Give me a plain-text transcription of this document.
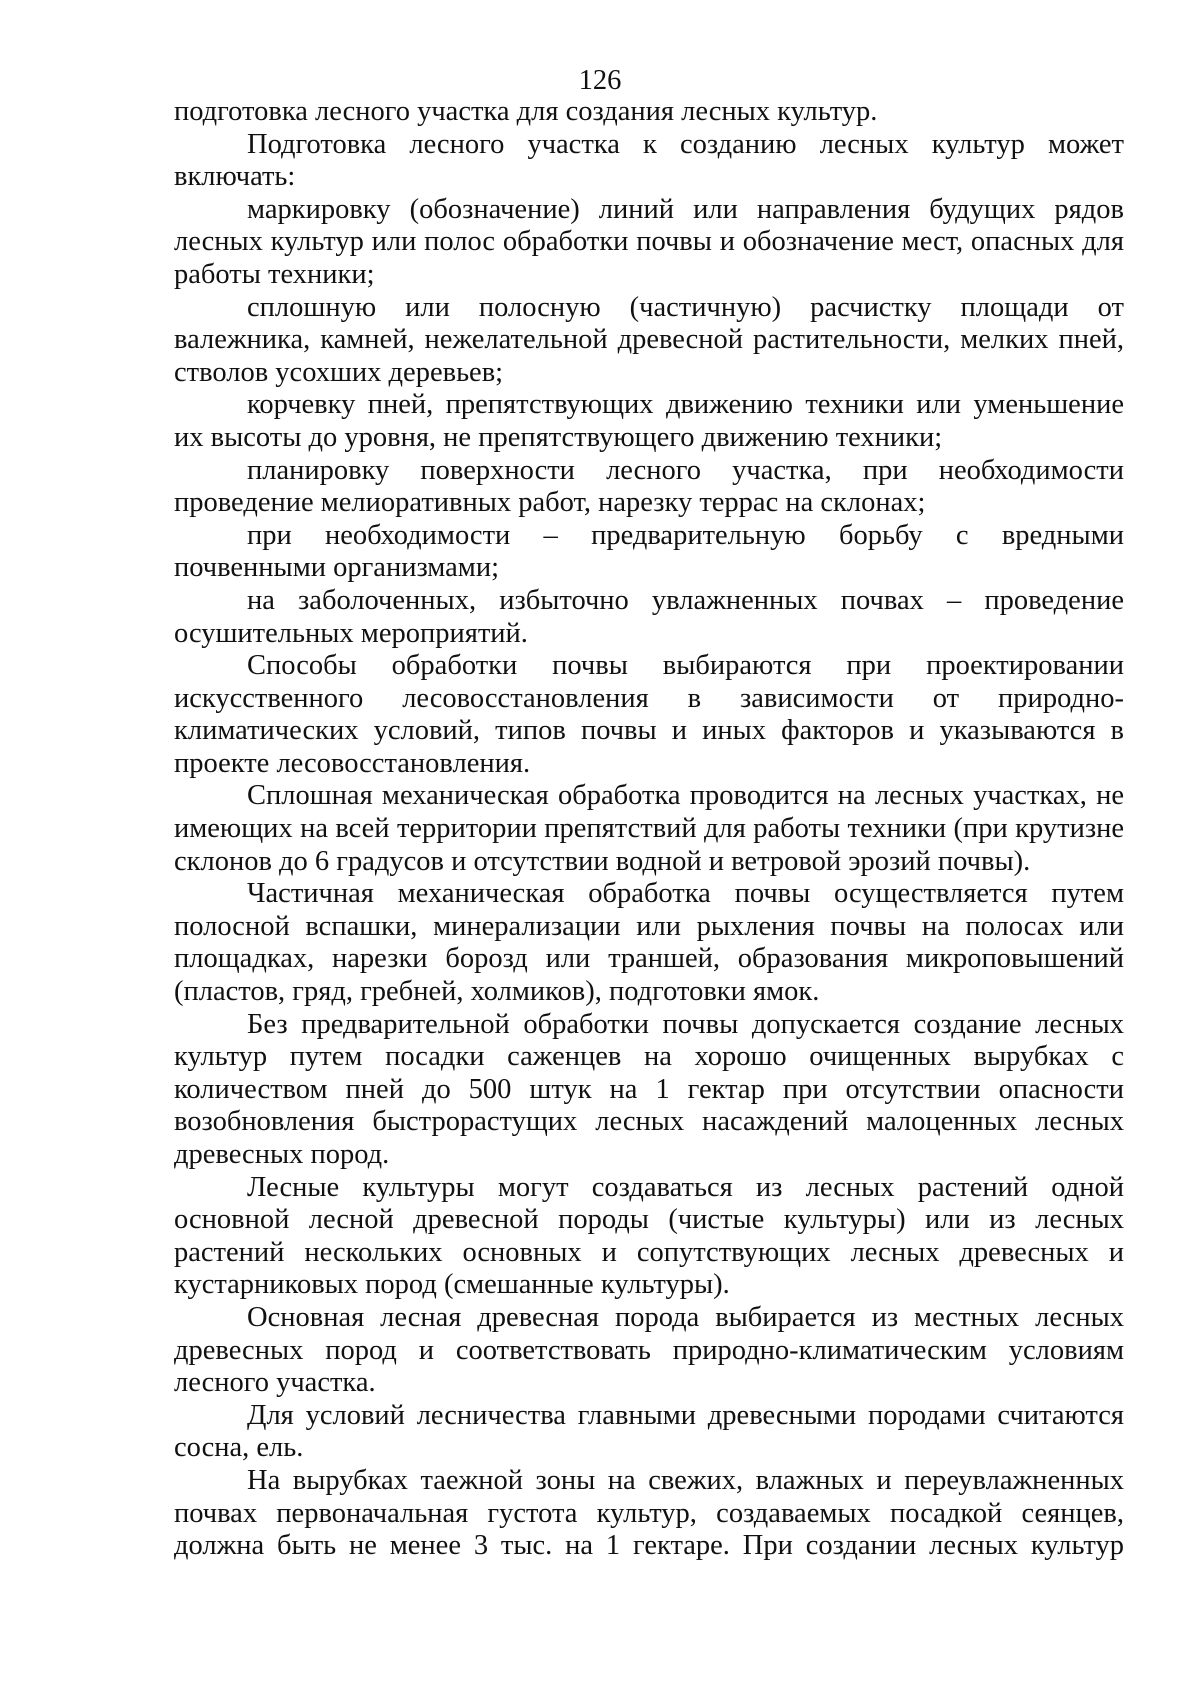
126

подготовка лесного участка для создания лесных культур.

Подготовка лесного участка к созданию лесных культур может включать:

маркировку (обозначение) линий или направления будущих рядов лесных культур или полос обработки почвы и обозначение мест, опасных для работы техники;

сплошную или полосную (частичную) расчистку площади от валежника, камней, нежелательной древесной растительности, мелких пней, стволов усохших деревьев;

корчевку пней, препятствующих движению техники или уменьшение их высоты до уровня, не препятствующего движению техники;

планировку поверхности лесного участка, при необходимости проведение мелиоративных работ, нарезку террас на склонах;

при необходимости – предварительную борьбу с вредными почвенными организмами;

на заболоченных, избыточно увлажненных почвах – проведение осушительных мероприятий.

Способы обработки почвы выбираются при проектировании искусственного лесовосстановления в зависимости от природно-климатических условий, типов почвы и иных факторов и указываются в проекте лесовосстановления.

Сплошная механическая обработка проводится на лесных участках, не имеющих на всей территории препятствий для работы техники (при крутизне склонов до 6 градусов и отсутствии водной и ветровой эрозий почвы).

Частичная механическая обработка почвы осуществляется путем полосной вспашки, минерализации или рыхления почвы на полосах или площадках, нарезки борозд или траншей, образования микроповышений (пластов, гряд, гребней, холмиков), подготовки ямок.

Без предварительной обработки почвы допускается создание лесных культур путем посадки саженцев на хорошо очищенных вырубках с количеством пней до 500 штук на 1 гектар при отсутствии опасности возобновления быстрорастущих лесных насаждений малоценных лесных древесных пород.

Лесные культуры могут создаваться из лесных растений одной основной лесной древесной породы (чистые культуры) или из лесных растений нескольких основных и сопутствующих лесных древесных и кустарниковых пород (смешанные культуры).

Основная лесная древесная порода выбирается из местных лесных древесных пород и соответствовать природно-климатическим условиям лесного участка.

Для условий лесничества главными древесными породами считаются сосна, ель.

На вырубках таежной зоны на свежих, влажных и переувлажненных почвах первоначальная густота культур, создаваемых посадкой сеянцев, должна быть не менее 3 тыс. на 1 гектаре. При создании лесных культур
